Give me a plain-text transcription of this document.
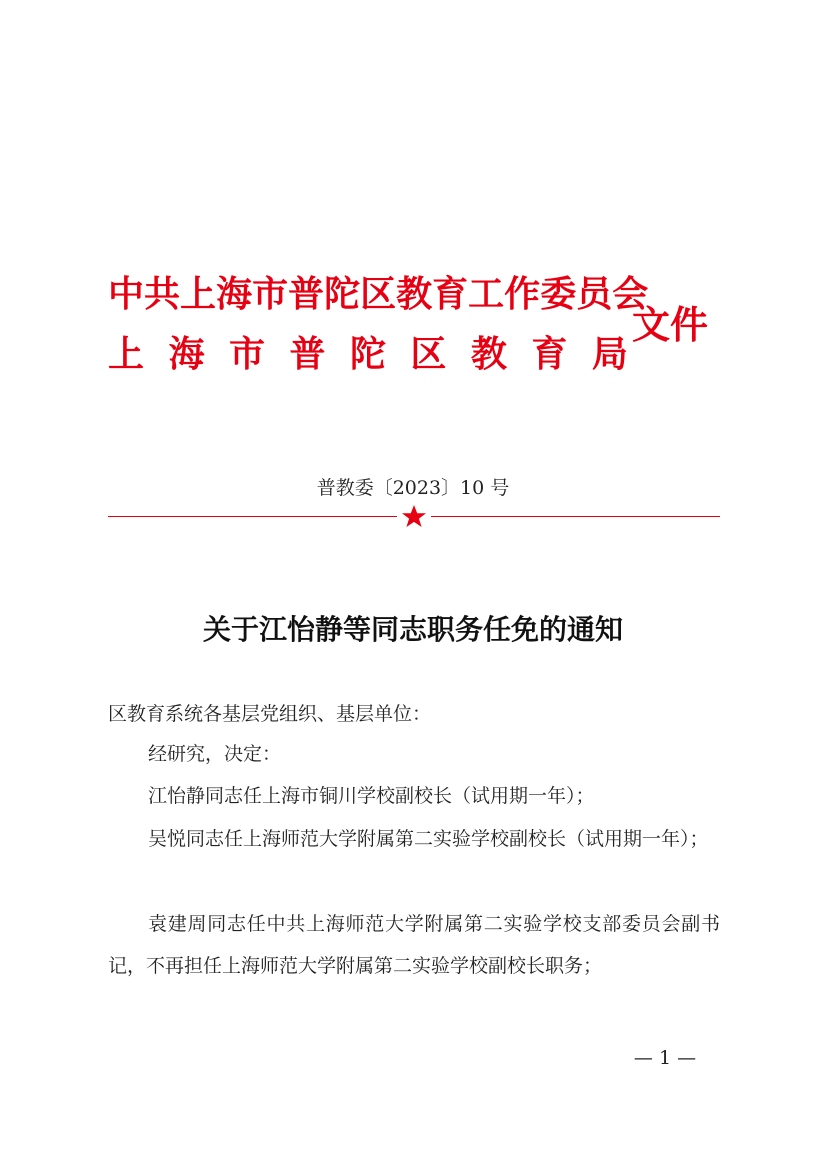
中 共 上 海 市 普 陀 区 教 育 工 作 委 员 会
上 海 市 普 陀 区 教 育 局
文件
普教委〔2023〕10 号
关于江怡静等同志职务任免的通知
区教育系统各基层党组织、基层单位：
经研究，决定：
江怡静同志任上海市铜川学校副校长（试用期一年）；
吴悦同志任上海师范大学附属第二实验学校副校长（试用期一年）；
袁建周同志任中共上海师范大学附属第二实验学校支部委员会副书记，不再担任上海师范大学附属第二实验学校副校长职务；
— 1 —
